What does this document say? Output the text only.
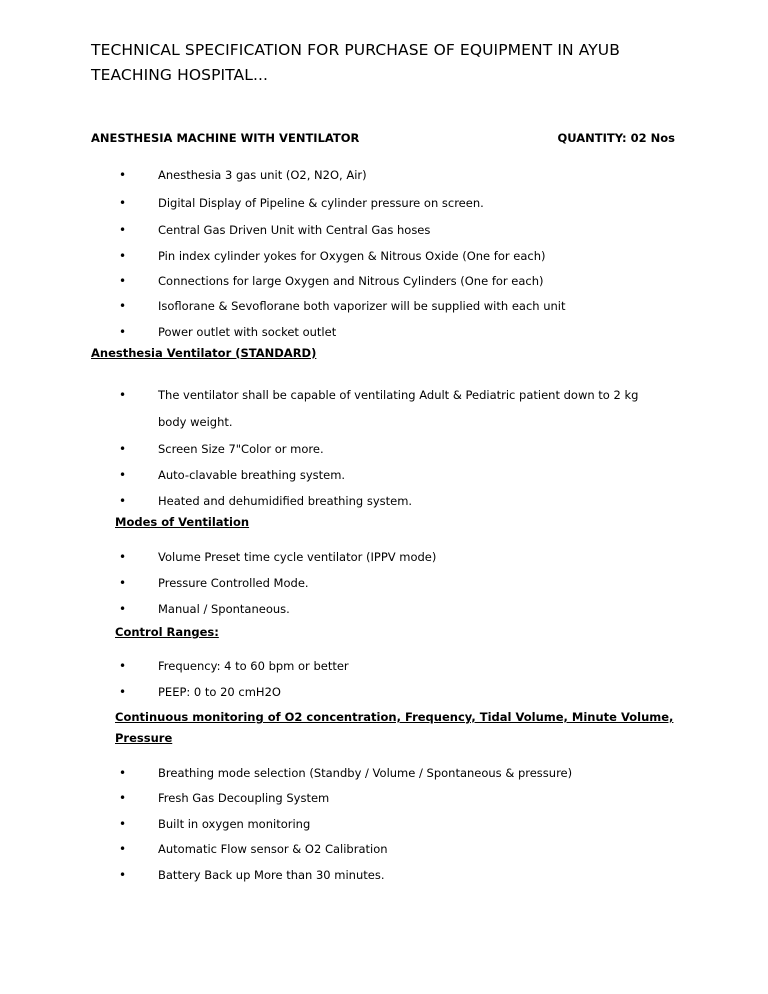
TECHNICAL SPECIFICATION FOR PURCHASE OF EQUIPMENT IN AYUB
TEACHING HOSPITAL...
ANESTHESIA MACHINE WITH VENTILATOR	QUANTITY: 02 Nos
•	Anesthesia 3 gas unit (O2, N2O, Air)
•	Digital Display of Pipeline & cylinder pressure on screen.
•	Central Gas Driven Unit with Central Gas hoses
•	Pin index cylinder yokes for Oxygen & Nitrous Oxide (One for each)
•	Connections for large Oxygen and Nitrous Cylinders (One for each)
•	Isoflorane & Sevoflorane both vaporizer will be supplied with each unit
•	Power outlet with socket outlet
Anesthesia Ventilator (STANDARD)
•	The ventilator shall be capable of ventilating Adult & Pediatric patient down to 2 kg
body weight.
•	Screen Size 7"Color or more.
•	Auto-clavable breathing system.
•	Heated and dehumidified breathing system.
Modes of Ventilation
•	Volume Preset time cycle ventilator (IPPV mode)
•	Pressure Controlled Mode.
•	Manual / Spontaneous.
Control Ranges:
•	Frequency: 4 to 60 bpm or better
•	PEEP: 0 to 20 cmH2O
Continuous monitoring of O2 concentration, Frequency, Tidal Volume, Minute Volume,
Pressure
•	Breathing mode selection (Standby / Volume / Spontaneous & pressure)
•	Fresh Gas Decoupling System
•	Built in oxygen monitoring
•	Automatic Flow sensor & O2 Calibration
•	Battery Back up More than 30 minutes.
